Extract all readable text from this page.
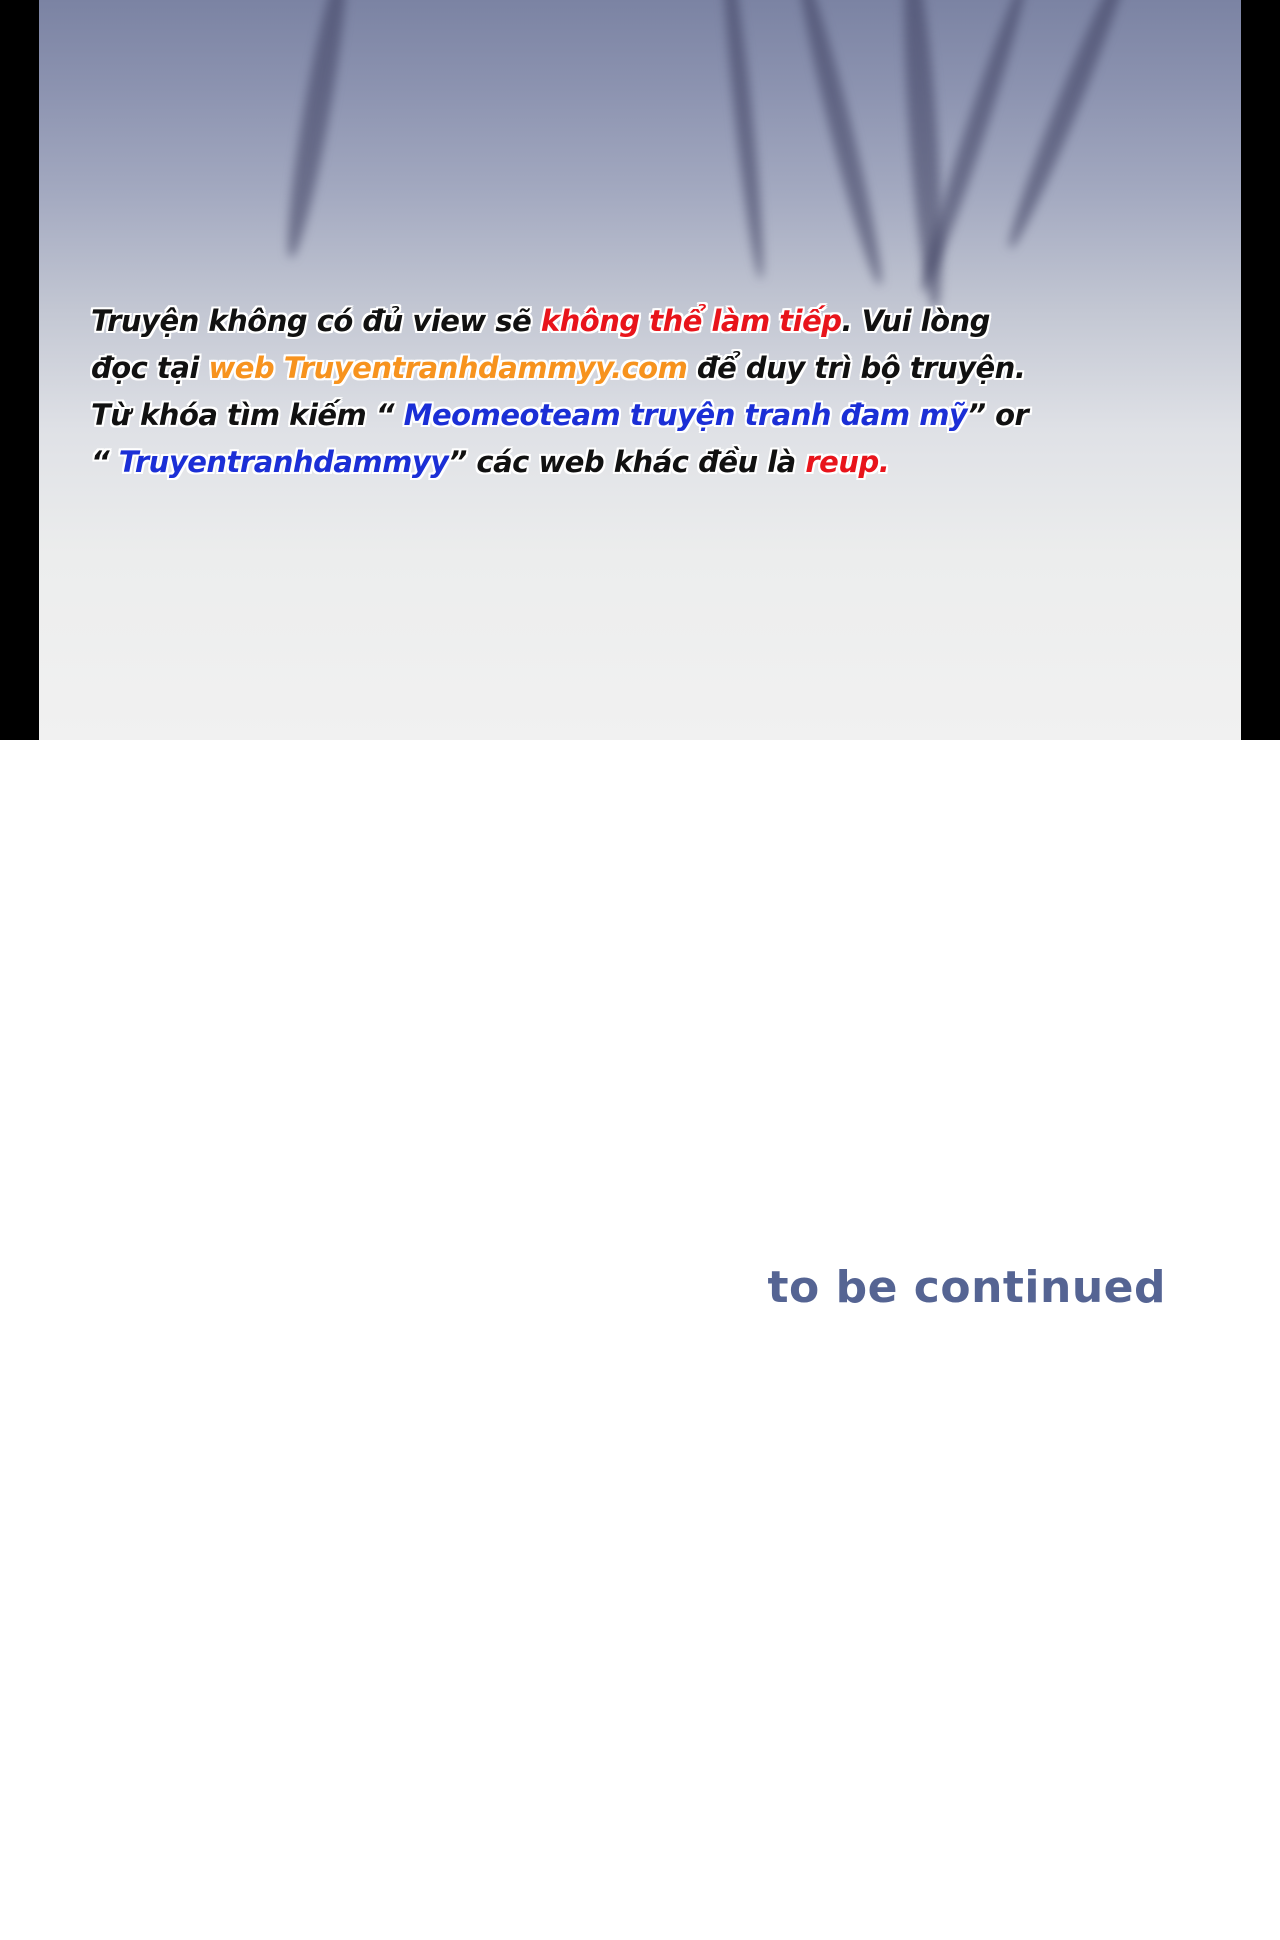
Truyện không có đủ view sẽ không thể làm tiếp. Vui lòng
đọc tại web Truyentranhdammyy.com để duy trì bộ truyện.
Từ khóa tìm kiếm “ Meomeoteam truyện tranh đam mỹ” or
“ Truyentranhdammyy” các web khác đều là reup.
to be continued
